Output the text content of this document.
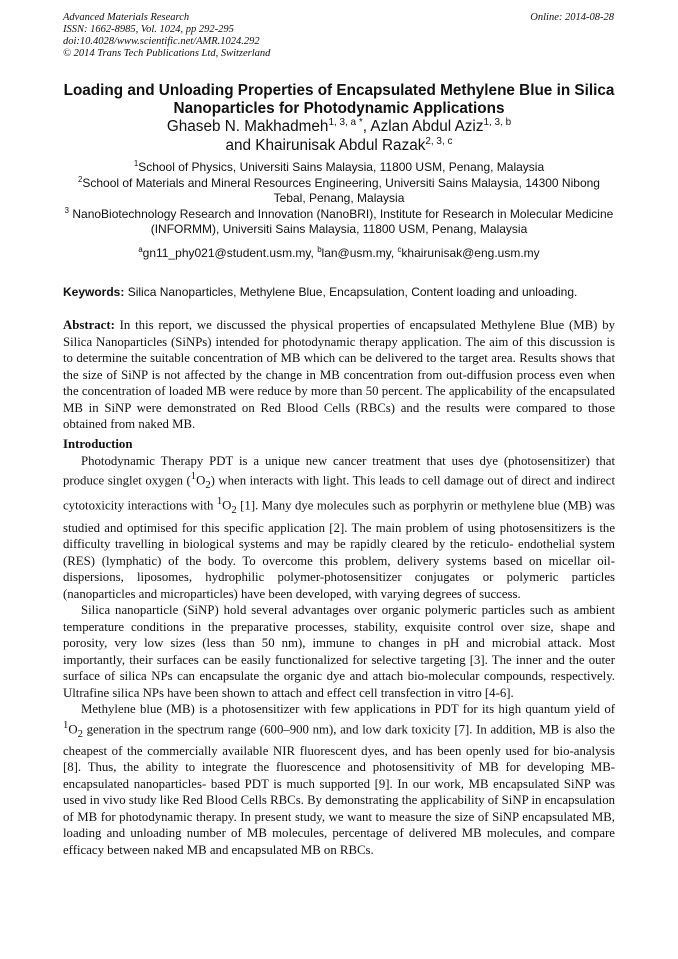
Advanced Materials Research
ISSN: 1662-8985, Vol. 1024, pp 292-295
doi:10.4028/www.scientific.net/AMR.1024.292
© 2014 Trans Tech Publications Ltd, Switzerland
Online: 2014-08-28
Loading and Unloading Properties of Encapsulated Methylene Blue in Silica Nanoparticles for Photodynamic Applications
Ghaseb N. Makhadmeh$^{1, 3, a *}$, Azlan Abdul Aziz$^{1, 3, b}$
and Khairunisak Abdul Razak$^{2, 3, c}$
$^1$School of Physics, Universiti Sains Malaysia, 11800 USM, Penang, Malaysia
$^2$School of Materials and Mineral Resources Engineering, Universiti Sains Malaysia, 14300 Nibong Tebal, Penang, Malaysia
$^3$ NanoBiotechnology Research and Innovation (NanoBRI), Institute for Research in Molecular Medicine (INFORMM), Universiti Sains Malaysia, 11800 USM, Penang, Malaysia
$^a$gn11_phy021@student.usm.my, $^b$lan@usm.my, $^c$khairunisak@eng.usm.my
Keywords: Silica Nanoparticles, Methylene Blue, Encapsulation, Content loading and unloading.
Abstract: In this report, we discussed the physical properties of encapsulated Methylene Blue (MB) by Silica Nanoparticles (SiNPs) intended for photodynamic therapy application. The aim of this discussion is to determine the suitable concentration of MB which can be delivered to the target area. Results shows that the size of SiNP is not affected by the change in MB concentration from out-diffusion process even when the concentration of loaded MB were reduce by more than 50 percent. The applicability of the encapsulated MB in SiNP were demonstrated on Red Blood Cells (RBCs) and the results were compared to those obtained from naked MB.
Introduction

Photodynamic Therapy PDT is a unique new cancer treatment that uses dye (photosensitizer) that produce singlet oxygen $(^1O_2)$ when interacts with light. This leads to cell damage out of direct and indirect cytotoxicity interactions with $^1O_2$ [1]. Many dye molecules such as porphyrin or methylene blue (MB) was studied and optimised for this specific application [2]. The main problem of using photosensitizers is the difficulty travelling in biological systems and may be rapidly cleared by the reticulo- endothelial system (RES) (lymphatic) of the body. To overcome this problem, delivery systems based on micellar oil-dispersions, liposomes, hydrophilic polymer-photosensitizer conjugates or polymeric particles (nanoparticles and microparticles) have been developed, with varying degrees of success.

Silica nanoparticle (SiNP) hold several advantages over organic polymeric particles such as ambient temperature conditions in the preparative processes, stability, exquisite control over size, shape and porosity, very low sizes (less than 50 nm), immune to changes in pH and microbial attack. Most importantly, their surfaces can be easily functionalized for selective targeting [3]. The inner and the outer surface of silica NPs can encapsulate the organic dye and attach bio-molecular compounds, respectively. Ultrafine silica NPs have been shown to attach and effect cell transfection in vitro [4-6].

Methylene blue (MB) is a photosensitizer with few applications in PDT for its high quantum yield of $^1O_2$ generation in the spectrum range (600–900 nm), and low dark toxicity [7]. In addition, MB is also the cheapest of the commercially available NIR fluorescent dyes, and has been openly used for bio-analysis [8]. Thus, the ability to integrate the fluorescence and photosensitivity of MB for developing MB-encapsulated nanoparticles- based PDT is much supported [9]. In our work, MB encapsulated SiNP was used in vivo study like Red Blood Cells RBCs. By demonstrating the applicability of SiNP in encapsulation of MB for photodynamic therapy. In present study, we want to measure the size of SiNP encapsulated MB, loading and unloading number of MB molecules, percentage of delivered MB molecules, and compare efficacy between naked MB and encapsulated MB on RBCs.
